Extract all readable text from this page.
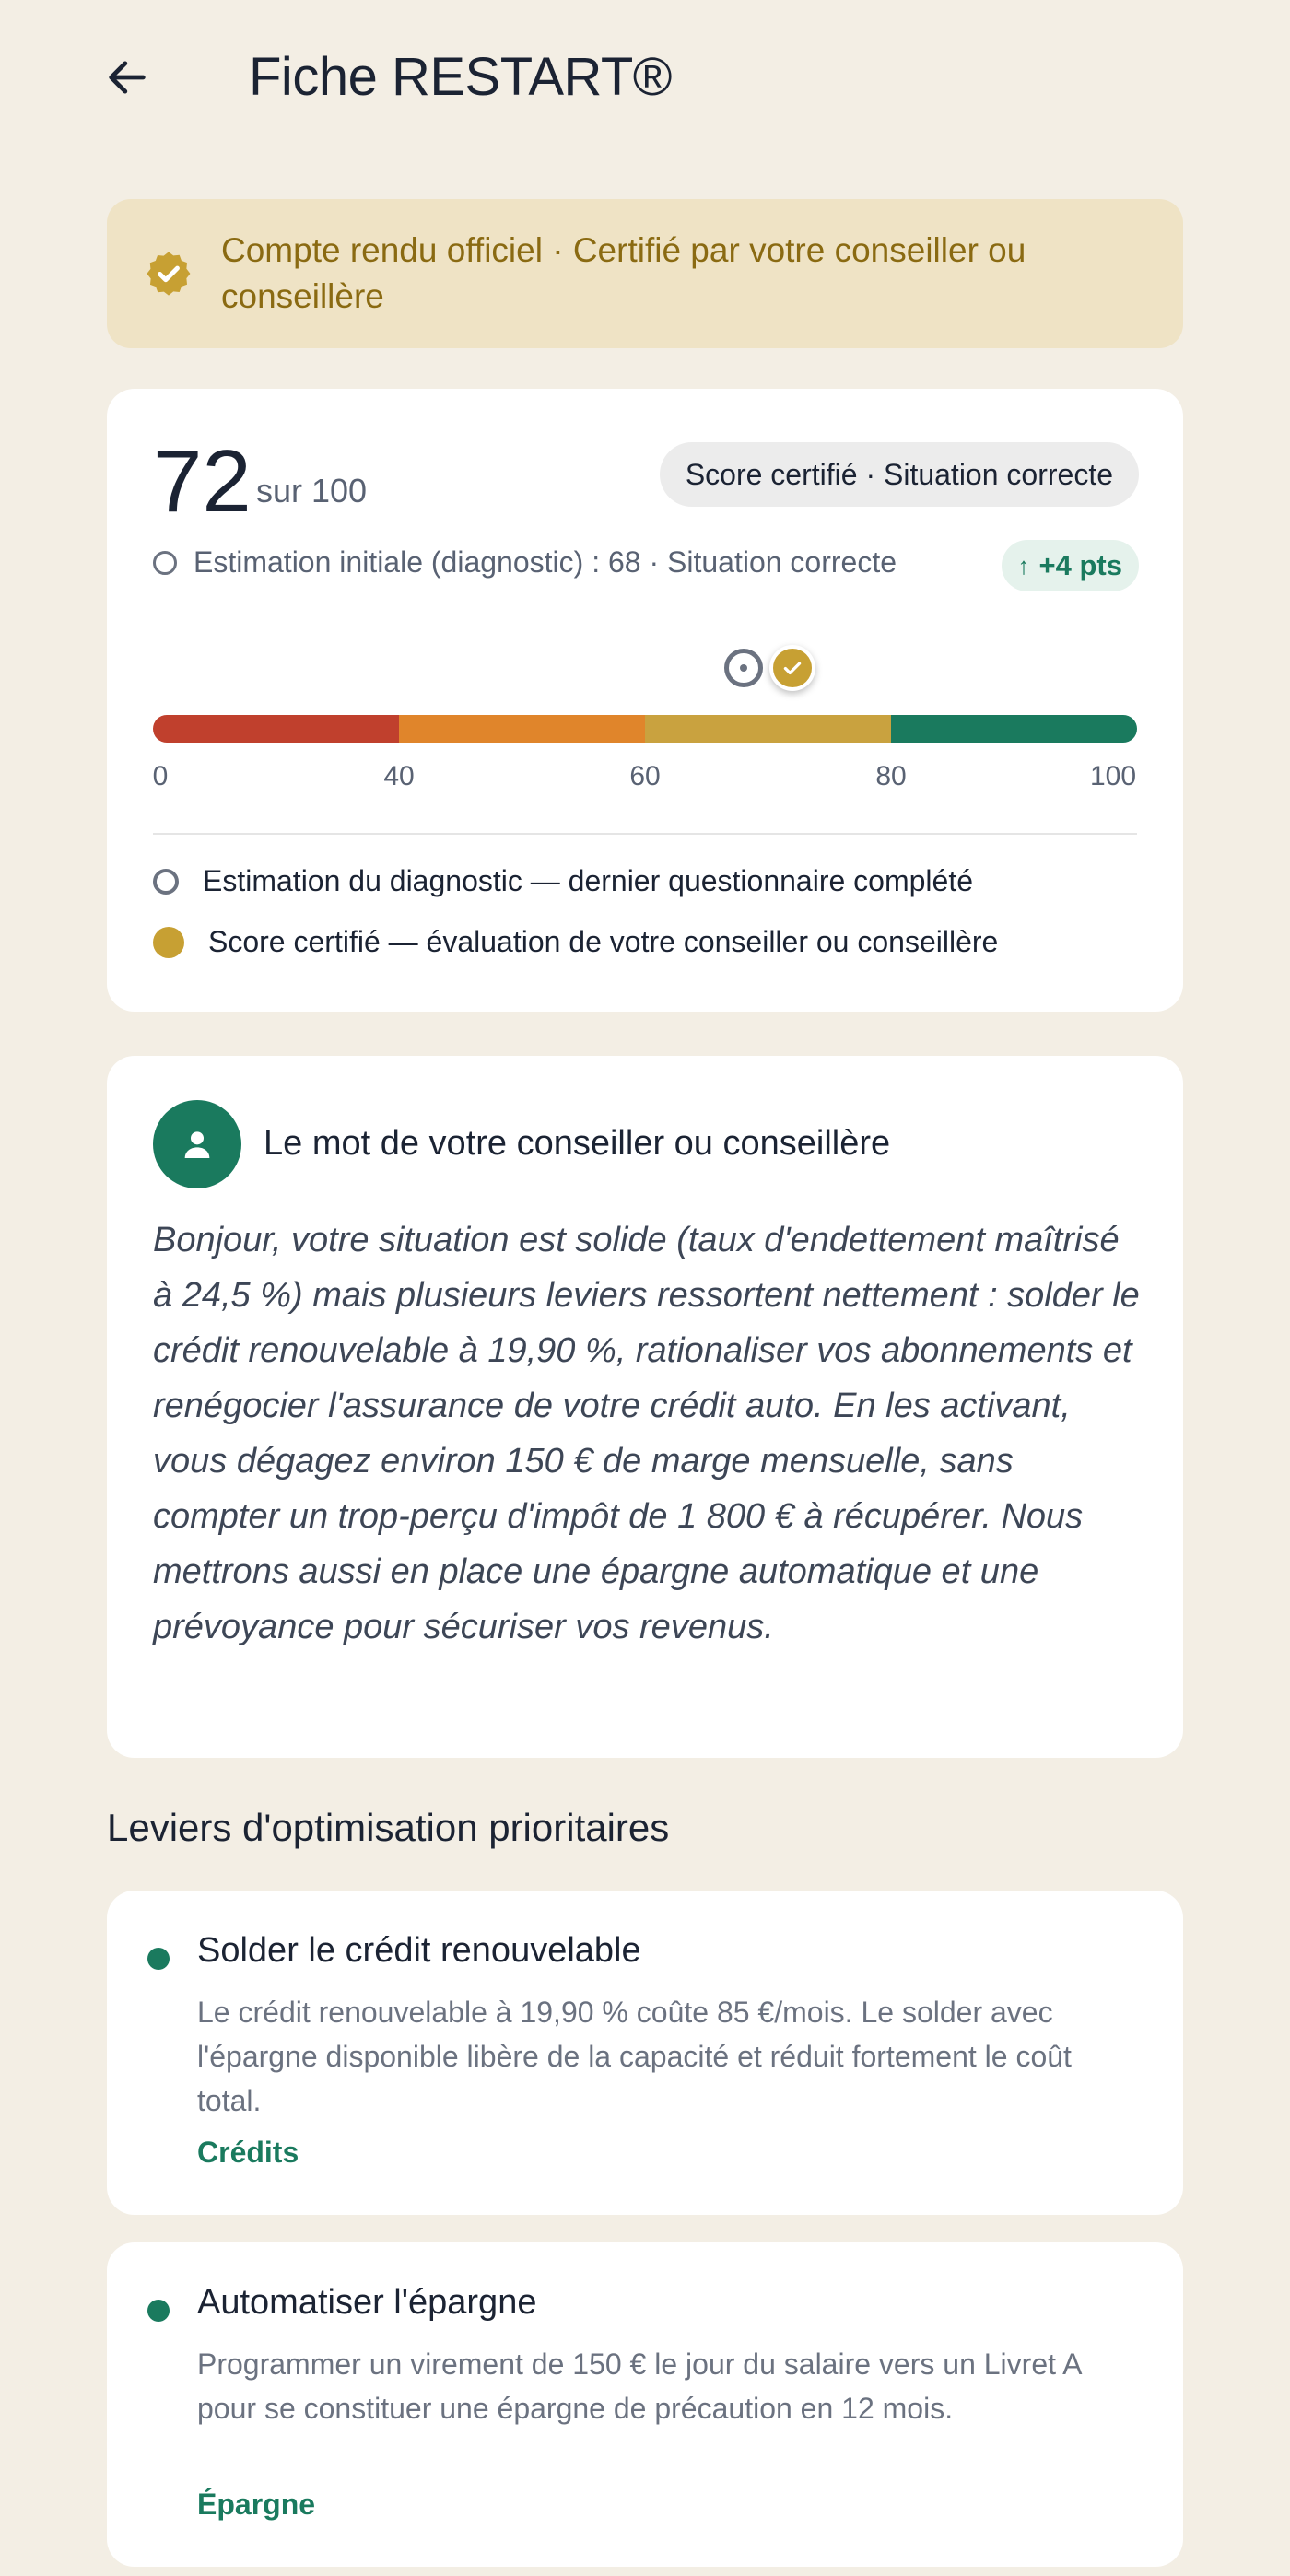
Fiche RESTART®
Compte rendu officiel · Certifié par votre conseiller ou conseillère
72 sur 100	Score certifié · Situation correcte
Estimation initiale (diagnostic) : 68 · Situation correcte	↑ +4 pts
0	40	60	80	100
Estimation du diagnostic — dernier questionnaire complété
Score certifié — évaluation de votre conseiller ou conseillère
Le mot de votre conseiller ou conseillère
Bonjour, votre situation est solide (taux d'endettement maîtrisé à 24,5 %) mais plusieurs leviers ressortent nettement : solder le crédit renouvelable à 19,90 %, rationaliser vos abonnements et renégocier l'assurance de votre crédit auto. En les activant, vous dégagez environ 150 € de marge mensuelle, sans compter un trop-perçu d'impôt de 1 800 € à récupérer. Nous mettrons aussi en place une épargne automatique et une prévoyance pour sécuriser vos revenus.
Leviers d'optimisation prioritaires
Solder le crédit renouvelable
Le crédit renouvelable à 19,90 % coûte 85 €/mois. Le solder avec l'épargne disponible libère de la capacité et réduit fortement le coût total.
Crédits
Automatiser l'épargne
Programmer un virement de 150 € le jour du salaire vers un Livret A pour se constituer une épargne de précaution en 12 mois.
Épargne
